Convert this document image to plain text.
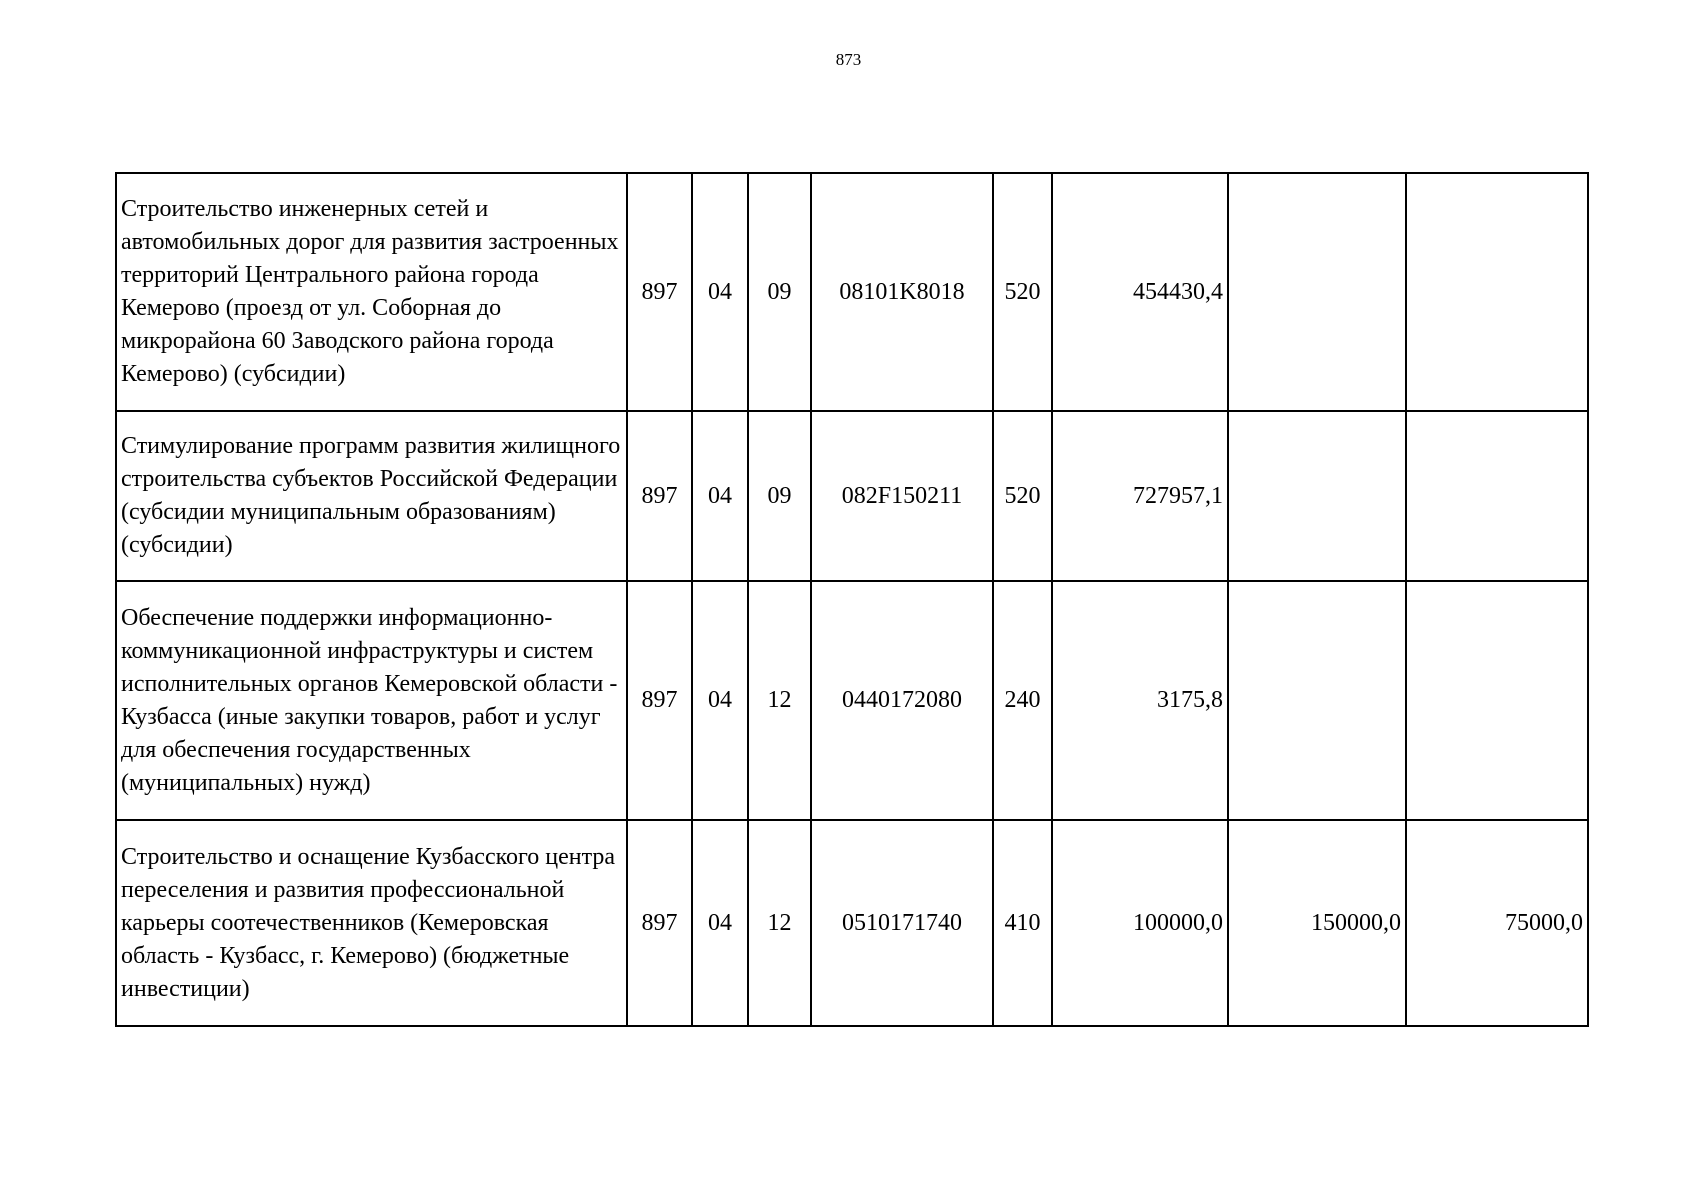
873
Строительство инженерных сетей и автомобильных дорог для развития застроенных территорий Центрального района города Кемерово (проезд от ул. Соборная до микрорайона 60 Заводского района города Кемерово) (субсидии)	897	04	09	08101K8018	520	454430,4		
Стимулирование программ развития жилищного строительства субъектов Российской Федерации (субсидии муниципальным образованиям) (субсидии)	897	04	09	082F150211	520	727957,1		
Обеспечение поддержки информационно-коммуникационной инфраструктуры и систем исполнительных органов Кемеровской области - Кузбасса (иные закупки товаров, работ и услуг для обеспечения государственных (муниципальных) нужд)	897	04	12	0440172080	240	3175,8		
Строительство и оснащение Кузбасского центра переселения и развития профессиональной карьеры соотечественников (Кемеровская область - Кузбасс, г. Кемерово) (бюджетные инвестиции)	897	04	12	0510171740	410	100000,0	150000,0	75000,0
